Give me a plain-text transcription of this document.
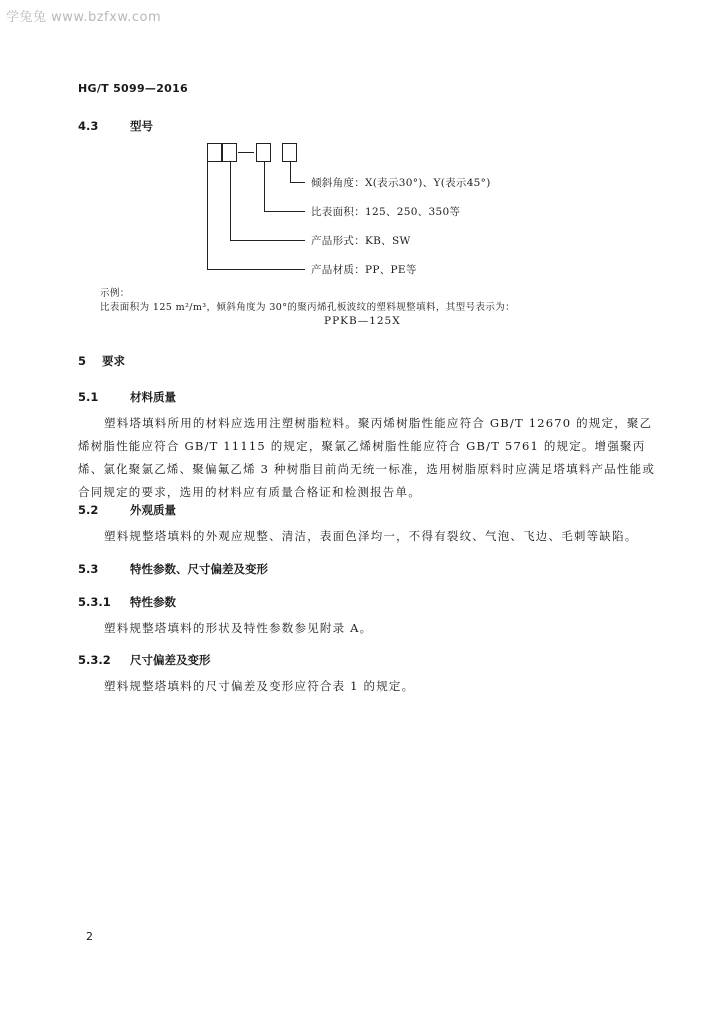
学兔兔 www.bzfxw.com
HG/T 5099—2016
4.3	型号
倾斜角度：X(表示30°)、Y(表示45°)
比表面积：125、250、350等
产品形式：KB、SW
产品材质：PP、PE等
示例：
比表面积为 125 m²/m³，倾斜角度为 30°的聚丙烯孔板波纹的塑料规整填料，其型号表示为：
PPKB—125X
5 要求
5.1	材料质量
塑料塔填料所用的材料应选用注塑树脂粒料。聚丙烯树脂性能应符合 GB/T 12670 的规定，聚乙烯树脂性能应符合 GB/T 11115 的规定，聚氯乙烯树脂性能应符合 GB/T 5761 的规定。增强聚丙烯、氯化聚氯乙烯、聚偏氟乙烯 3 种树脂目前尚无统一标准，选用树脂原料时应满足塔填料产品性能或合同规定的要求，选用的材料应有质量合格证和检测报告单。
5.2	外观质量
塑料规整塔填料的外观应规整、清洁，表面色泽均一，不得有裂纹、气泡、飞边、毛刺等缺陷。
5.3	特性参数、尺寸偏差及变形
5.3.1 特性参数
塑料规整塔填料的形状及特性参数参见附录 A。
5.3.2 尺寸偏差及变形
塑料规整塔填料的尺寸偏差及变形应符合表 1 的规定。
2
